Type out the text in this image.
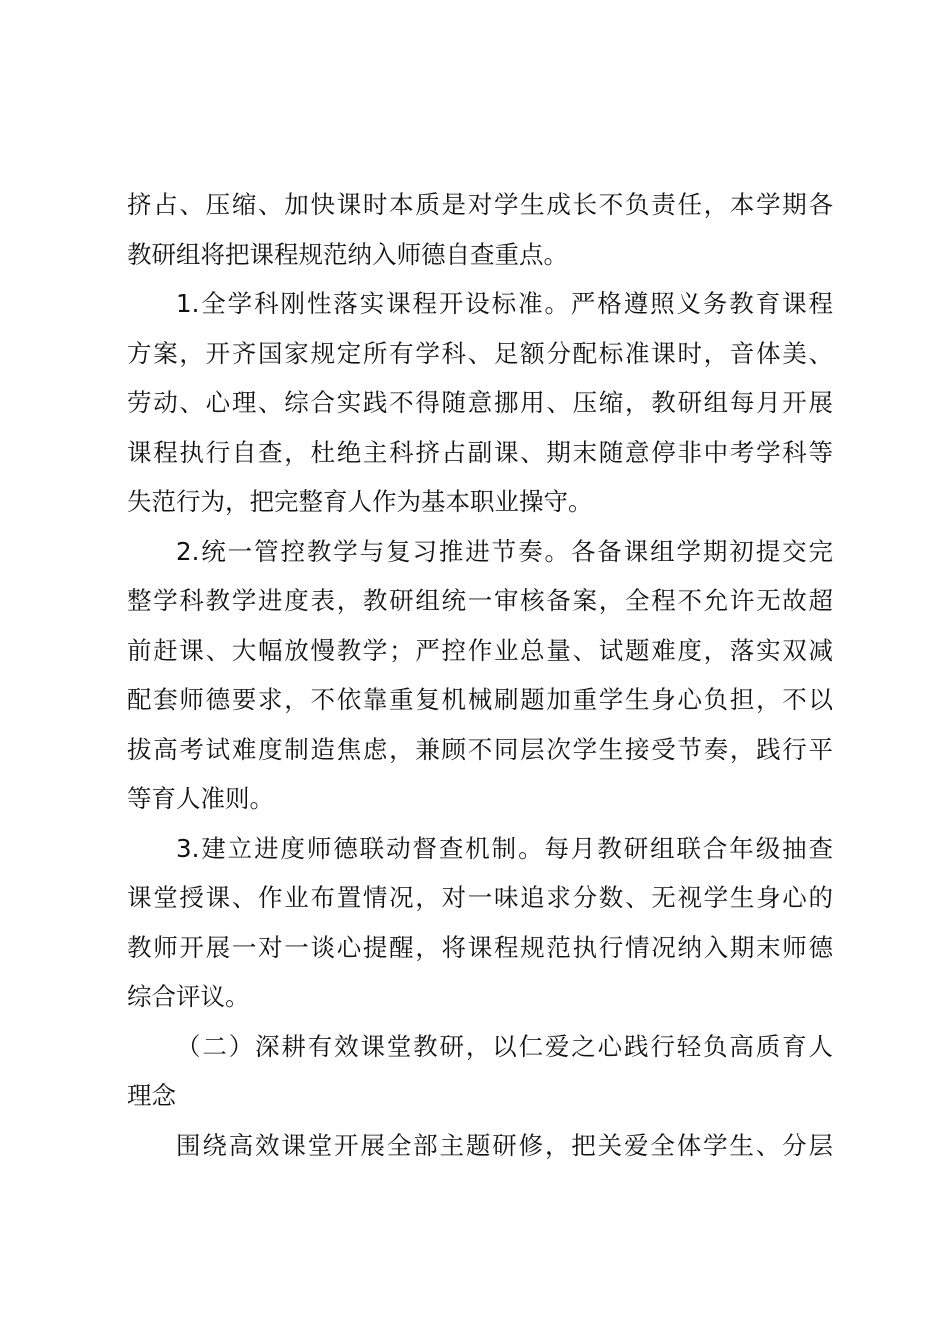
挤占、压缩、加快课时本质是对学生成长不负责任，本学期各
教研组将把课程规范纳入师德自查重点。
1.全学科刚性落实课程开设标准。严格遵照义务教育课程
方案，开齐国家规定所有学科、足额分配标准课时，音体美、
劳动、心理、综合实践不得随意挪用、压缩，教研组每月开展
课程执行自查，杜绝主科挤占副课、期末随意停非中考学科等
失范行为，把完整育人作为基本职业操守。
2.统一管控教学与复习推进节奏。各备课组学期初提交完
整学科教学进度表，教研组统一审核备案，全程不允许无故超
前赶课、大幅放慢教学；严控作业总量、试题难度，落实双减
配套师德要求，不依靠重复机械刷题加重学生身心负担，不以
拔高考试难度制造焦虑，兼顾不同层次学生接受节奏，践行平
等育人准则。
3.建立进度师德联动督查机制。每月教研组联合年级抽查
课堂授课、作业布置情况，对一味追求分数、无视学生身心的
教师开展一对一谈心提醒，将课程规范执行情况纳入期末师德
综合评议。
（二）深耕有效课堂教研，以仁爱之心践行轻负高质育人
理念
围绕高效课堂开展全部主题研修，把关爱全体学生、分层
